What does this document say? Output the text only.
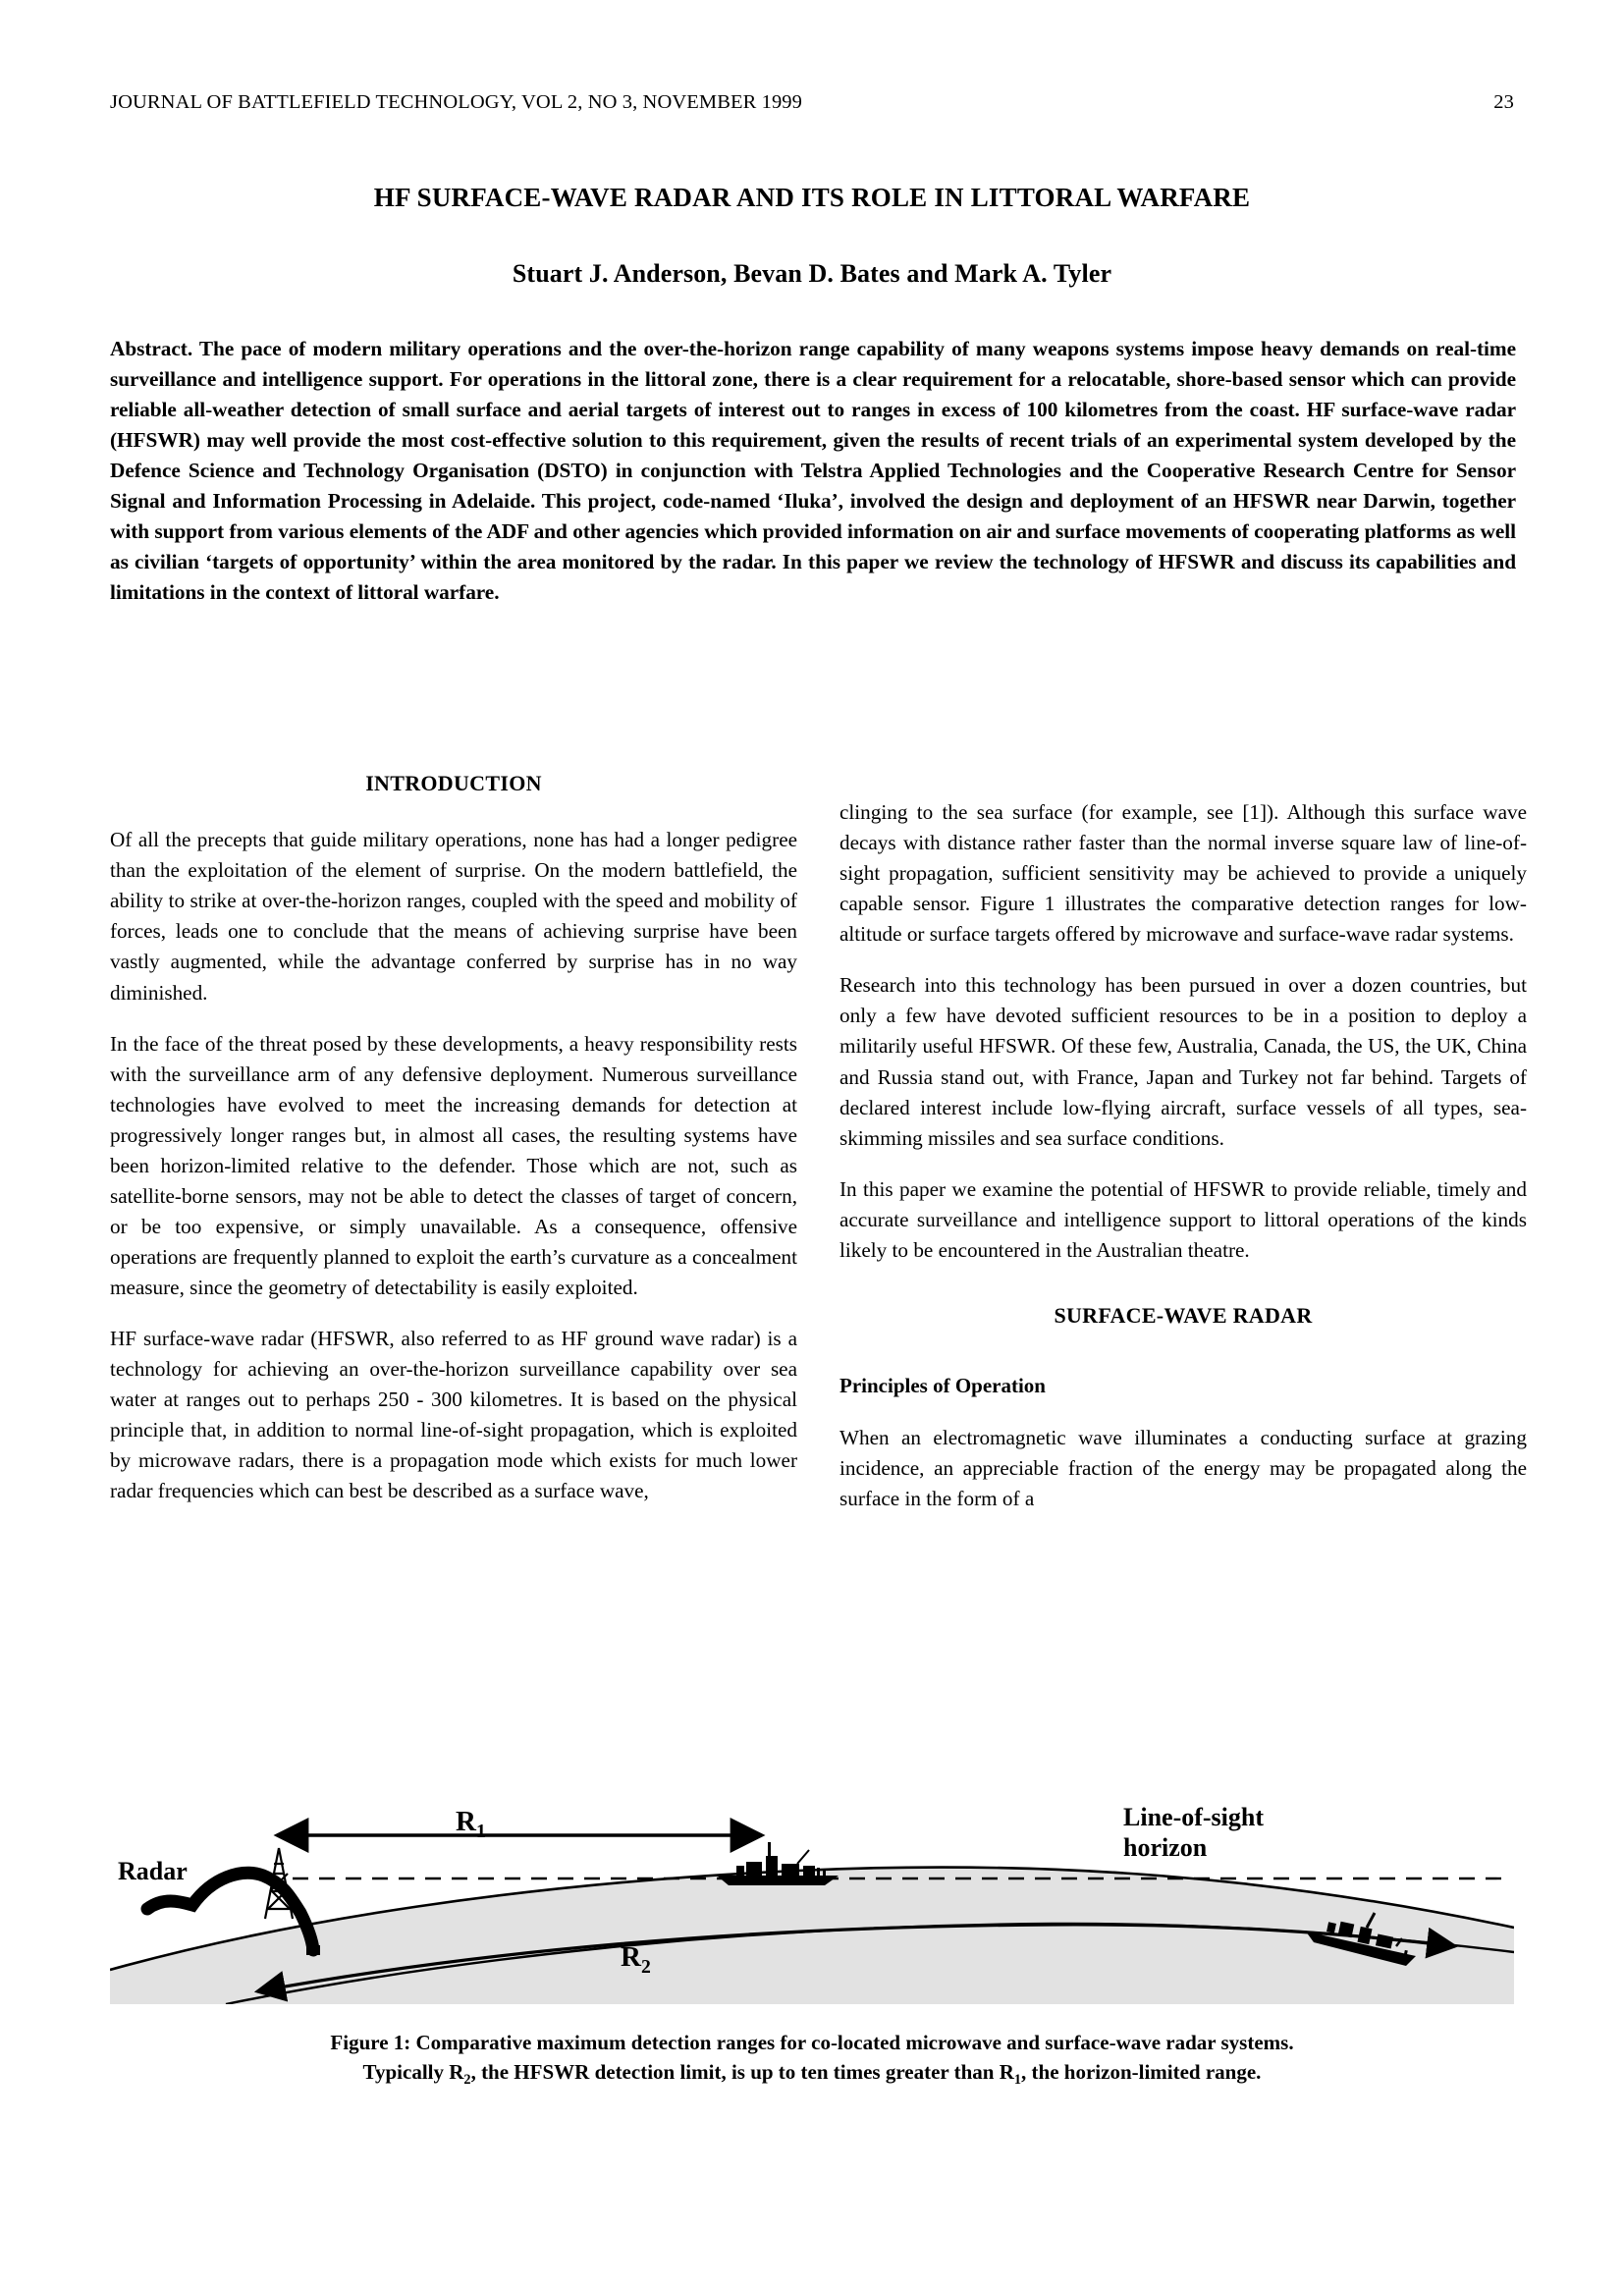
JOURNAL OF BATTLEFIELD TECHNOLOGY, VOL 2, NO 3, NOVEMBER 1999	23
HF SURFACE-WAVE RADAR AND ITS ROLE IN LITTORAL WARFARE

Stuart J. Anderson, Bevan D. Bates and Mark A. Tyler

Abstract. The pace of modern military operations and the over-the-horizon range capability of many weapons systems impose heavy demands on real-time surveillance and intelligence support. For operations in the littoral zone, there is a clear requirement for a relocatable, shore-based sensor which can provide reliable all-weather detection of small surface and aerial targets of interest out to ranges in excess of 100 kilometres from the coast. HF surface-wave radar (HFSWR) may well provide the most cost-effective solution to this requirement, given the results of recent trials of an experimental system developed by the Defence Science and Technology Organisation (DSTO) in conjunction with Telstra Applied Technologies and the Cooperative Research Centre for Sensor Signal and Information Processing in Adelaide. This project, code-named ‘Iluka’, involved the design and deployment of an HFSWR near Darwin, together with support from various elements of the ADF and other agencies which provided information on air and surface movements of cooperating platforms as well as civilian ‘targets of opportunity’ within the area monitored by the radar. In this paper we review the technology of HFSWR and discuss its capabilities and limitations in the context of littoral warfare.
INTRODUCTION

Of all the precepts that guide military operations, none has had a longer pedigree than the exploitation of the element of surprise. On the modern battlefield, the ability to strike at over-the-horizon ranges, coupled with the speed and mobility of forces, leads one to conclude that the means of achieving surprise have been vastly augmented, while the advantage conferred by surprise has in no way diminished.

In the face of the threat posed by these developments, a heavy responsibility rests with the surveillance arm of any defensive deployment. Numerous surveillance technologies have evolved to meet the increasing demands for detection at progressively longer ranges but, in almost all cases, the resulting systems have been horizon-limited relative to the defender. Those which are not, such as satellite-borne sensors, may not be able to detect the classes of target of concern, or be too expensive, or simply unavailable. As a consequence, offensive operations are frequently planned to exploit the earth’s curvature as a concealment measure, since the geometry of detectability is easily exploited.

HF surface-wave radar (HFSWR, also referred to as HF ground wave radar) is a technology for achieving an over-the-horizon surveillance capability over sea water at ranges out to perhaps 250 - 300 kilometres. It is based on the physical principle that, in addition to normal line-of-sight propagation, which is exploited by microwave radars, there is a propagation mode which exists for much lower radar frequencies which can best be described as a surface wave,

clinging to the sea surface (for example, see [1]). Although this surface wave decays with distance rather faster than the normal inverse square law of line-of-sight propagation, sufficient sensitivity may be achieved to provide a uniquely capable sensor. Figure 1 illustrates the comparative detection ranges for low-altitude or surface targets offered by microwave and surface-wave radar systems.

Research into this technology has been pursued in over a dozen countries, but only a few have devoted sufficient resources to be in a position to deploy a militarily useful HFSWR. Of these few, Australia, Canada, the US, the UK, China and Russia stand out, with France, Japan and Turkey not far behind. Targets of declared interest include low-flying aircraft, surface vessels of all types, sea-skimming missiles and sea surface conditions.

In this paper we examine the potential of HFSWR to provide reliable, timely and accurate surveillance and intelligence support to littoral operations of the kinds likely to be encountered in the Australian theatre.

SURFACE-WAVE RADAR
Principles of Operation

When an electromagnetic wave illuminates a conducting surface at grazing incidence, an appreciable fraction of the energy may be propagated along the surface in the form of a

Radar
$R_1$
$R_2$
Line-of-sight
horizon
Figure 1: Comparative maximum detection ranges for co-located microwave and surface-wave radar systems.
Typically $R_2$, the HFSWR detection limit, is up to ten times greater than $R_1$, the horizon-limited range.
